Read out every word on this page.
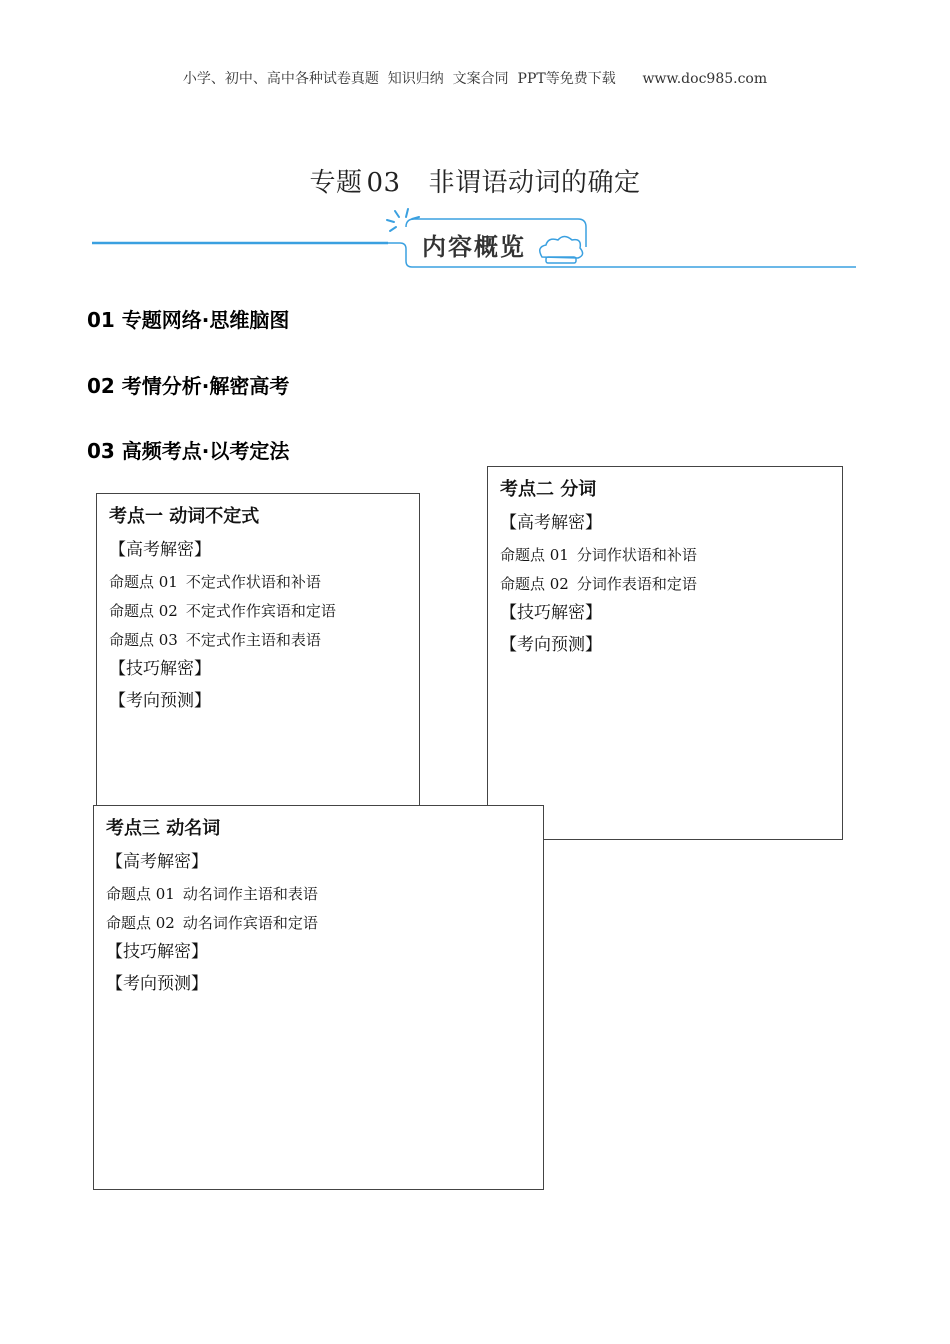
小学、初中、高中各种试卷真题  知识归纳  文案合同  PPT等免费下载      www.doc985.com
专题 03 非谓语动词的确定
内容概览
01 专题网络·思维脑图
02 考情分析·解密高考
03 高频考点·以考定法
考点二 分词
【高考解密】
命题点 01 分词作状语和补语
命题点 02 分词作表语和定语
【技巧解密】
【考向预测】
考点一 动词不定式
【高考解密】
命题点 01 不定式作状语和补语
命题点 02 不定式作作宾语和定语
命题点 03 不定式作主语和表语
【技巧解密】
【考向预测】
考点三 动名词
【高考解密】
命题点 01 动名词作主语和表语
命题点 02 动名词作宾语和定语
【技巧解密】
【考向预测】
